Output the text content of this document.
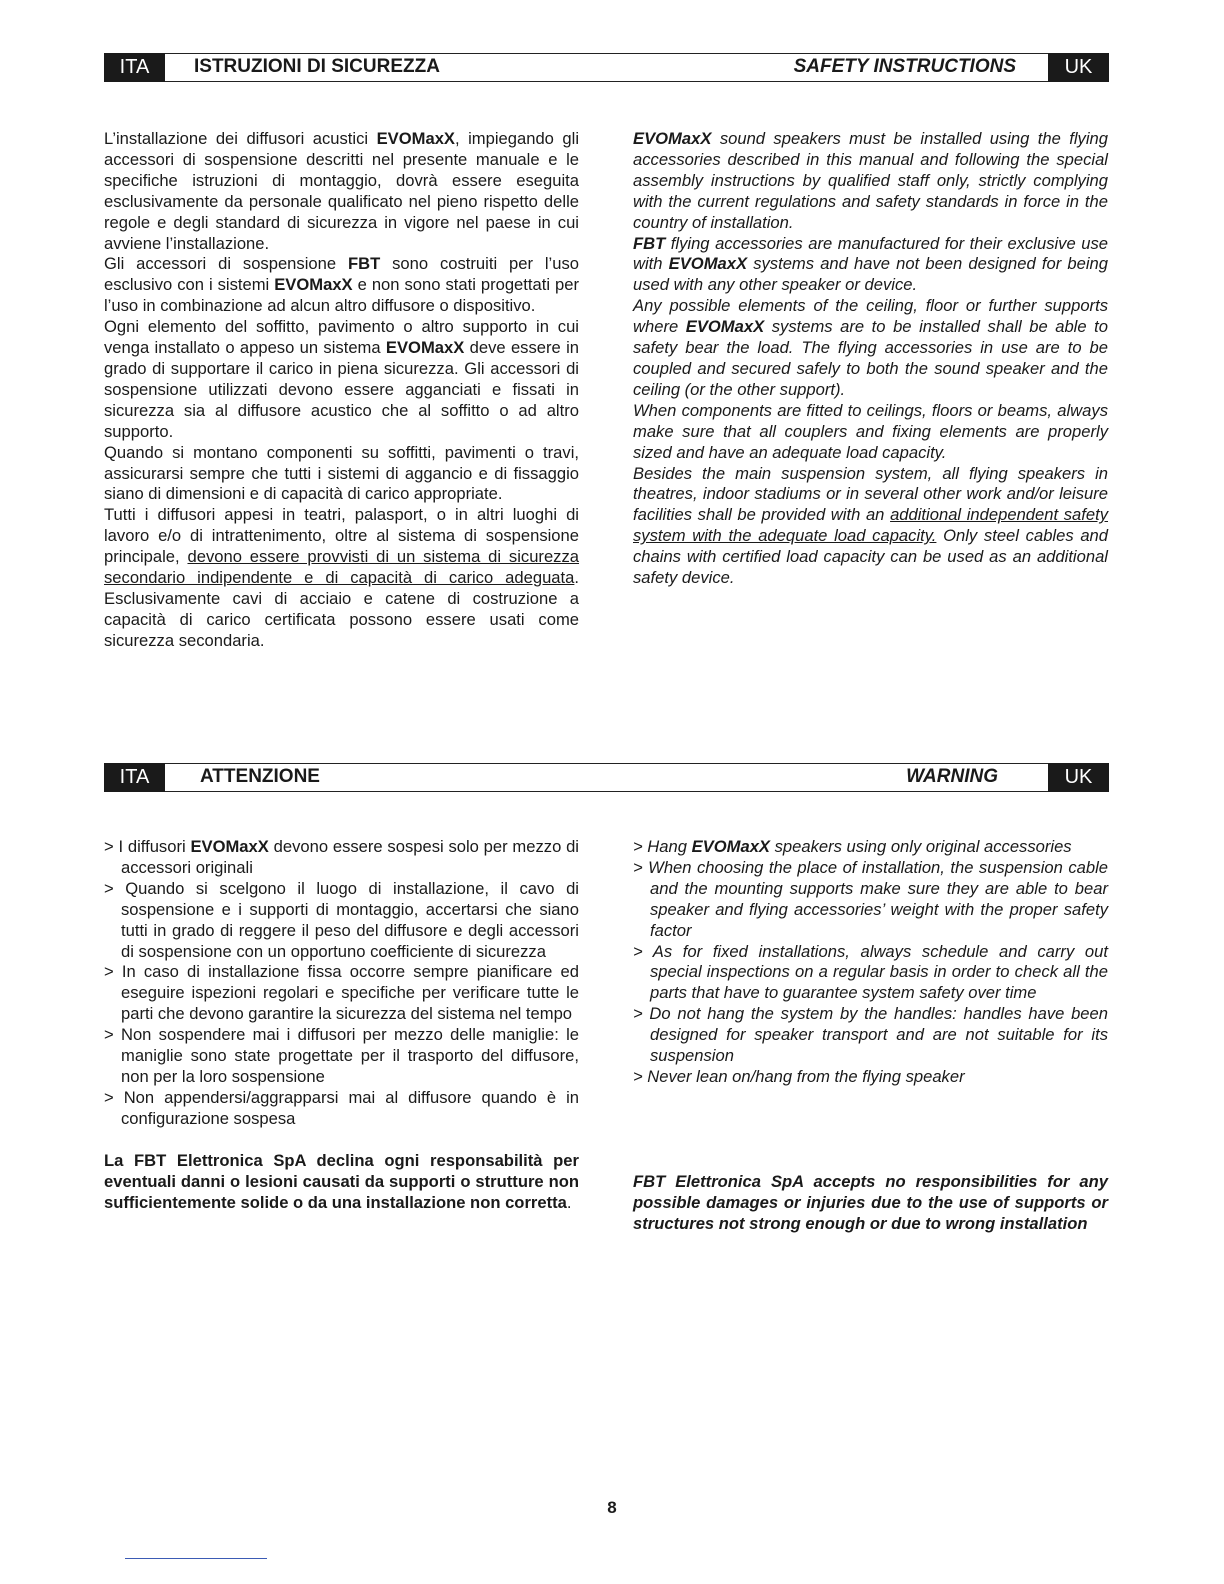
ITA	ISTRUZIONI DI SICUREZZA	SAFETY INSTRUCTIONS	UK

L’installazione dei diffusori acustici EVOMaxX, impiegando gli accessori di sospensione descritti nel presente manuale e le specifiche istruzioni di montaggio, dovrà essere eseguita esclusivamente da personale qualificato nel pieno rispetto delle regole e degli standard di sicurezza in vigore nel paese in cui avviene l’installazione.

Gli accessori di sospensione FBT sono costruiti per l’uso esclusivo con i sistemi EVOMaxX e non sono stati progettati per l’uso in combinazione ad alcun altro diffusore o dispositivo.

Ogni elemento del soffitto, pavimento o altro supporto in cui venga installato o appeso un sistema EVOMaxX deve essere in grado di supportare il carico in piena sicurezza. Gli accessori di sospensione utilizzati devono essere agganciati e fissati in sicurezza sia al diffusore acustico che al soffitto o ad altro supporto.

Quando si montano componenti su soffitti, pavimenti o travi, assicurarsi sempre che tutti i sistemi di aggancio e di fissaggio siano di dimensioni e di capacità di carico appropriate.

Tutti i diffusori appesi in teatri, palasport, o in altri luoghi di lavoro e/o di intrattenimento, oltre al sistema di sospensione principale, devono essere provvisti di un sistema di sicurezza secondario indipendente e di capacità di carico adeguata. Esclusivamente cavi di acciaio e catene di costruzione a capacità di carico certificata possono essere usati come sicurezza secondaria.

EVOMaxX sound speakers must be installed using the flying accessories described in this manual and following the special assembly instructions by qualified staff only, strictly complying with the current regulations and safety standards in force in the country of installation.

FBT flying accessories are manufactured for their exclusive use with EVOMaxX systems and have not been designed for being used with any other speaker or device.

Any possible elements of the ceiling, floor or further supports where EVOMaxX systems are to be installed shall be able to safety bear the load. The flying accessories in use are to be coupled and secured safely to both the sound speaker and the ceiling (or the other support).

When components are fitted to ceilings, floors or beams, always make sure that all couplers and fixing elements are properly sized and have an adequate load capacity.

Besides the main suspension system, all flying speakers in theatres, indoor stadiums or in several other work and/or leisure facilities shall be provided with an additional independent safety system with the adequate load capacity. Only steel cables and chains with certified load capacity can be used as an additional safety device.

ITA	ATTENZIONE	WARNING	UK
> I diffusori EVOMaxX devono essere sospesi solo per mezzo di accessori originali
> Quando si scelgono il luogo di installazione, il cavo di sospensione e i supporti di montaggio, accertarsi che siano tutti in grado di reggere il peso del diffusore e degli accessori di sospensione con un opportuno coefficiente di sicurezza
> In caso di installazione fissa occorre sempre pianificare ed eseguire ispezioni regolari e specifiche per verificare tutte le parti che devono garantire la sicurezza del sistema nel tempo
> Non sospendere mai i diffusori per mezzo delle maniglie: le maniglie sono state progettate per il trasporto del diffusore, non per la loro sospensione
> Non appendersi/aggrapparsi mai al diffusore quando è in configurazione sospesa

La FBT Elettronica SpA declina ogni responsabilità per eventuali danni o lesioni causati da supporti o strutture non sufficientemente solide o da una installazione non corretta.

> Hang EVOMaxX speakers using only original accessories
> When choosing the place of installation, the suspension cable and the mounting supports make sure they are able to bear speaker and flying accessories’ weight with the proper safety factor
> As for fixed installations, always schedule and carry out special inspections on a regular basis in order to check all the parts that have to guarantee system safety over time
> Do not hang the system by the handles: handles have been designed for speaker transport and are not suitable for its suspension
> Never lean on/hang from the flying speaker

FBT Elettronica SpA accepts no responsibilities for any possible damages or injuries due to the use of supports or structures not strong enough or due to wrong installation

8
